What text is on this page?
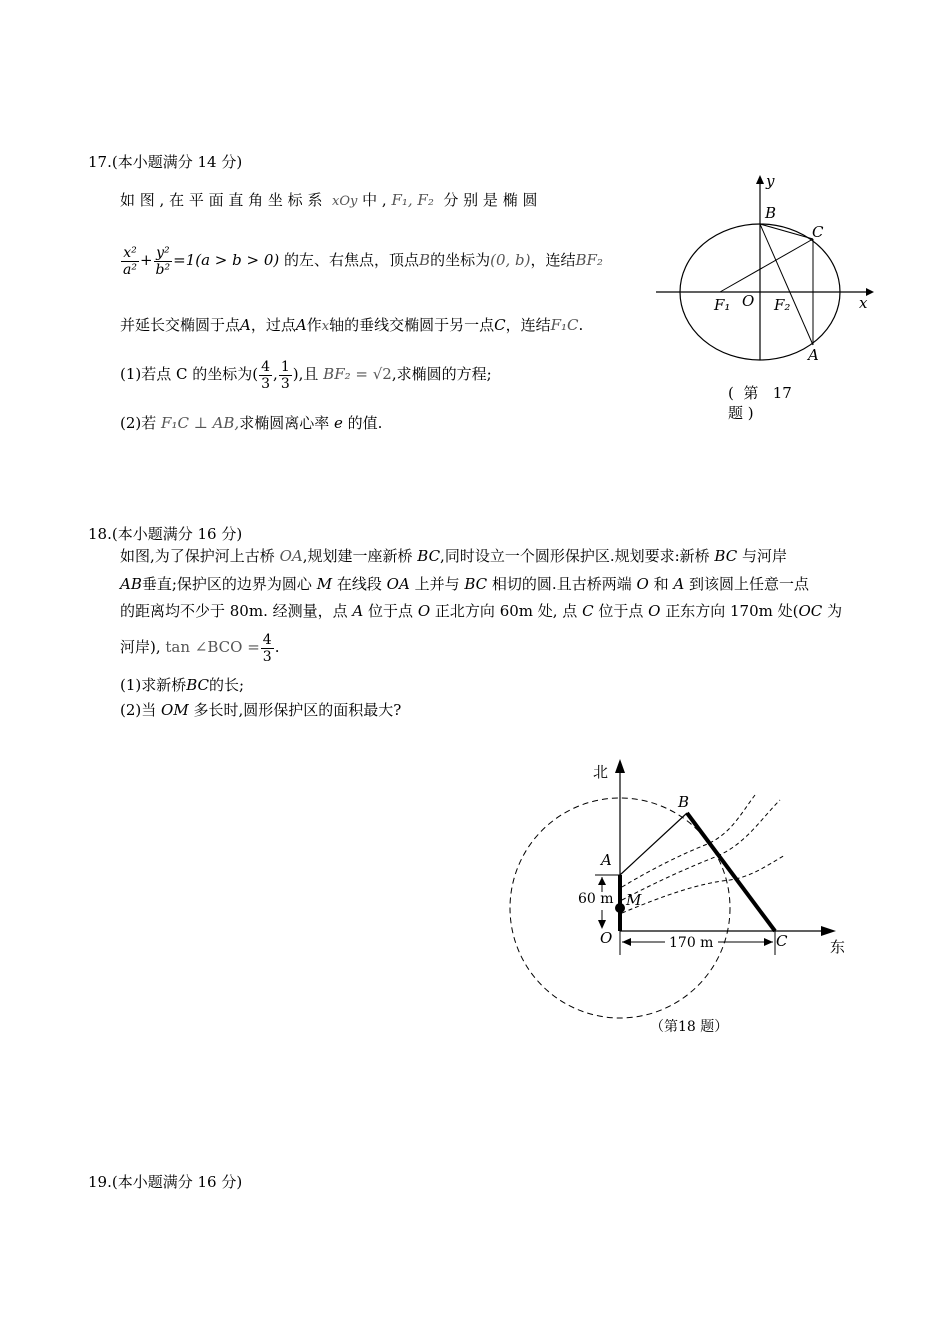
17.(本小题满分 14 分)
如 图 , 在 平 面 直 角 坐 标 系 xOy 中 , F₁, F₂ 分 别 是 椭 圆
$\frac{\text{x²}}{\text{a²}} + \frac{\text{y²}}{\text{b²}} =1(a > b > 0)$ 的左、右焦点，顶点B的坐标为(0, b)，连结BF₂
并延长交椭圆于点A，过点A作x轴的垂线交椭圆于另一点C，连结F₁C.
(1)若点 C 的坐标为( $\frac{4}{3}$ , $\frac{1}{3}$ ),且 BF₂ = √2,求椭圆的方程;
(2)若 F₁C ⊥ AB,求椭圆离心率 e 的值.
y
x
B
C
A
O
F₁	F₂
(  第   17
题 )
18.(本小题满分 16 分)
如图,为了保护河上古桥 OA,规划建一座新桥 BC,同时设立一个圆形保护区.规划要求:新桥 BC 与河岸
AB垂直;保护区的边界为圆心 M 在线段 OA 上并与 BC 相切的圆.且古桥两端 O 和 A 到该圆上任意一点
的距离均不少于 80m. 经测量，点 A 位于点 O 正北方向 60m 处, 点 C 位于点 O 正东方向 170m 处(OC 为
河岸), tan ∠BCO = $\frac{4}{3}$ .
(1)求新桥BC的长;
(2)当 OM 多长时,圆形保护区的面积最大?
北
东
B
A
M
O	C
60 m
170 m
（第18 题）
19.(本小题满分 16 分)
